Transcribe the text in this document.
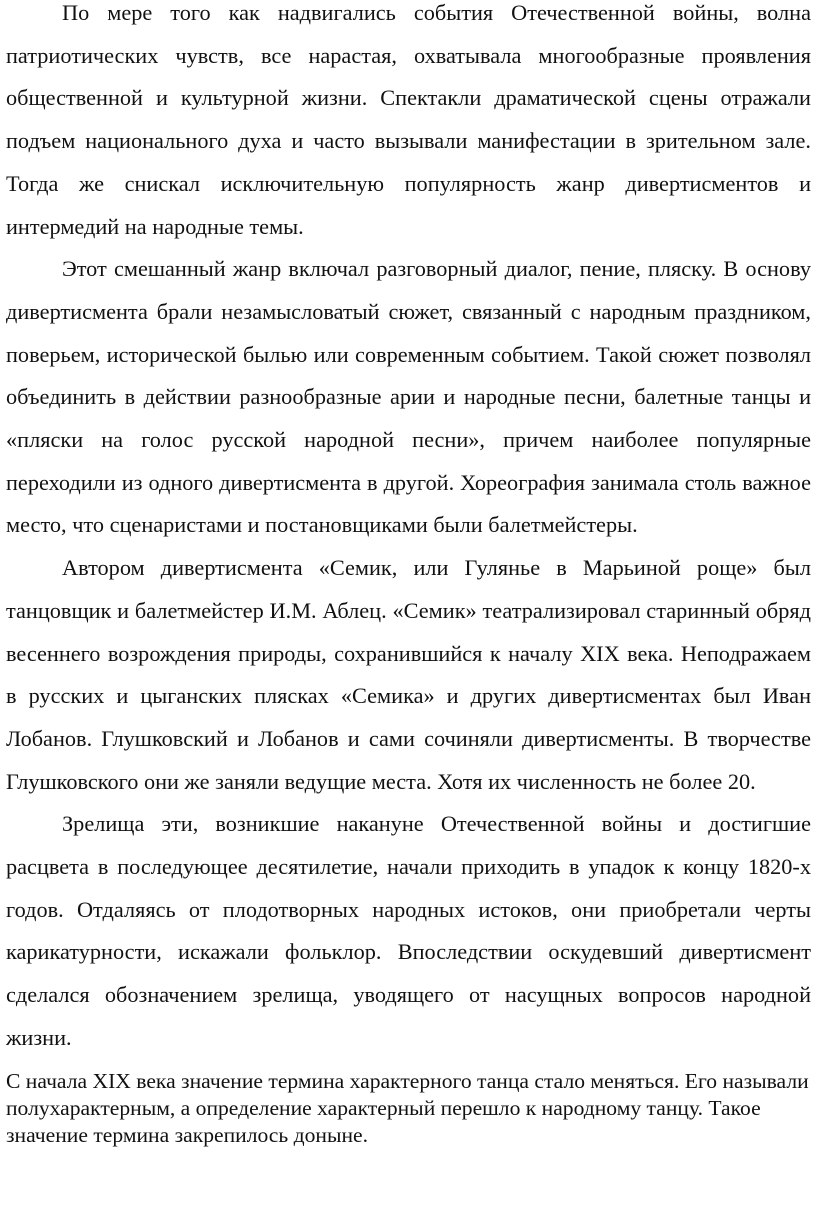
По мере того как надвигались события Отечественной войны, волна патриотических чувств, все нарастая, охватывала многообразные проявления общественной и культурной жизни. Спектакли драматической сцены отражали подъем национального духа и часто вызывали манифестации в зрительном зале. Тогда же снискал исключительную популярность жанр дивертисментов и интермедий на народные темы.

Этот смешанный жанр включал разговорный диалог, пение, пляску. В основу дивертисмента брали незамысловатый сюжет, связанный с народным праздником, поверьем, исторической былью или современным событием. Такой сюжет позволял объединить в действии разнообразные арии и народные песни, балетные танцы и «пляски на голос русской народной песни», причем наиболее популярные переходили из одного дивертисмента в другой. Хореография занимала столь важное место, что сценаристами и постановщиками были балетмейстеры.

Автором дивертисмента «Семик, или Гулянье в Марьиной роще» был танцовщик и балетмейстер И.М. Аблец. «Семик» театрализировал старинный обряд весеннего возрождения природы, сохранившийся к началу XIX века. Неподражаем в русских и цыганских плясках «Семика» и других дивертисментах был Иван Лобанов. Глушковский и Лобанов и сами сочиняли дивертисменты. В творчестве Глушковского они же заняли ведущие места. Хотя их численность не более 20.

Зрелища эти, возникшие накануне Отечественной войны и достигшие расцвета в последующее десятилетие, начали приходить в упадок к концу 1820-х годов. Отдаляясь от плодотворных народных истоков, они приобретали черты карикатурности, искажали фольклор. Впоследствии оскудевший дивертисмент сделался обозначением зрелища, уводящего от насущных вопросов народной жизни.

С начала XIX века значение термина характерного танца стало меняться. Его называли полухарактерным, а определение характерный перешло к народному танцу. Такое значение термина закрепилось доныне.
